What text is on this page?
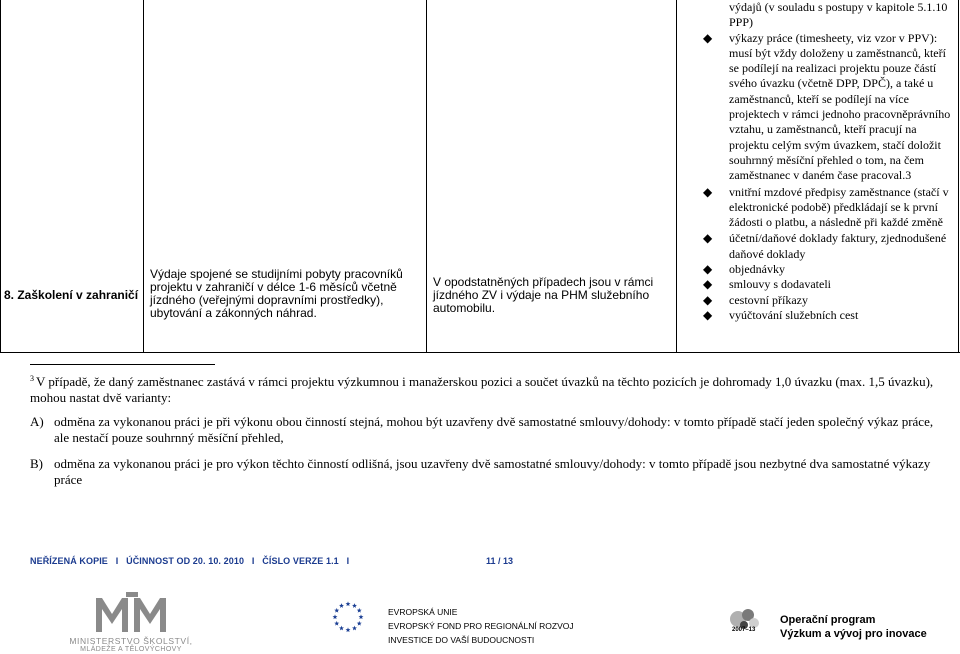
8. Zaškolení v zahraničí
Výdaje spojené se studijními pobyty pracovníků projektu v zahraničí v délce 1-6 měsíců včetně jízdného (veřejnými dopravními prostředky), ubytování a zákonných náhrad.
V opodstatněných případech jsou v rámci jízdného ZV i výdaje na PHM služebního automobilu.
výdajů (v souladu s postupy v kapitole 5.1.10 PPP)
◆ výkazy práce (timesheety, viz vzor v PPV): musí být vždy doloženy u zaměstnanců, kteří se podílejí na realizaci projektu pouze částí svého úvazku (včetně DPP, DPČ), a také u zaměstnanců, kteří se podílejí na více projektech v rámci jednoho pracovněprávního vztahu, u zaměstnanců, kteří pracují na projektu celým svým úvazkem, stačí doložit souhrnný měsíční přehled o tom, na čem zaměstnanec v daném čase pracoval.3
◆ vnitřní mzdové předpisy zaměstnance (stačí v elektronické podobě) předkládají se k první žádosti o platbu, a následně při každé změně
◆ účetní/daňové doklady faktury, zjednodušené daňové doklady
◆ objednávky
◆ smlouvy s dodavateli
◆ cestovní příkazy
◆ vyúčtování služebních cest
$^3$ V případě, že daný zaměstnanec zastává v rámci projektu výzkumnou i manažerskou pozici a součet úvazků na těchto pozicích je dohromady 1,0 úvazku (max. 1,5 úvazku), mohou nastat dvě varianty:
A) odměna za vykonanou práci je při výkonu obou činností stejná, mohou být uzavřeny dvě samostatné smlouvy/dohody: v tomto případě stačí jeden společný výkaz práce, ale nestačí pouze souhrnný měsíční přehled,
B) odměna za vykonanou práci je pro výkon těchto činností odlišná, jsou uzavřeny dvě samostatné smlouvy/dohody: v tomto případě jsou nezbytné dva samostatné výkazy práce
NEŘÍZENÁ KOPIE   I   ÚČINNOST OD 20. 10. 2010   I   ČÍSLO VERZE 1.1   I	11 / 13
MINISTERSTVO ŠKOLSTVÍ,
MLÁDEŽE A TĚLOVÝCHOVY
EVROPSKÁ UNIE
EVROPSKÝ FOND PRO REGIONÁLNÍ ROZVOJ
INVESTICE DO VAŠÍ BUDOUCNOSTI
2007–13
Operační program
Výzkum a vývoj pro inovace
